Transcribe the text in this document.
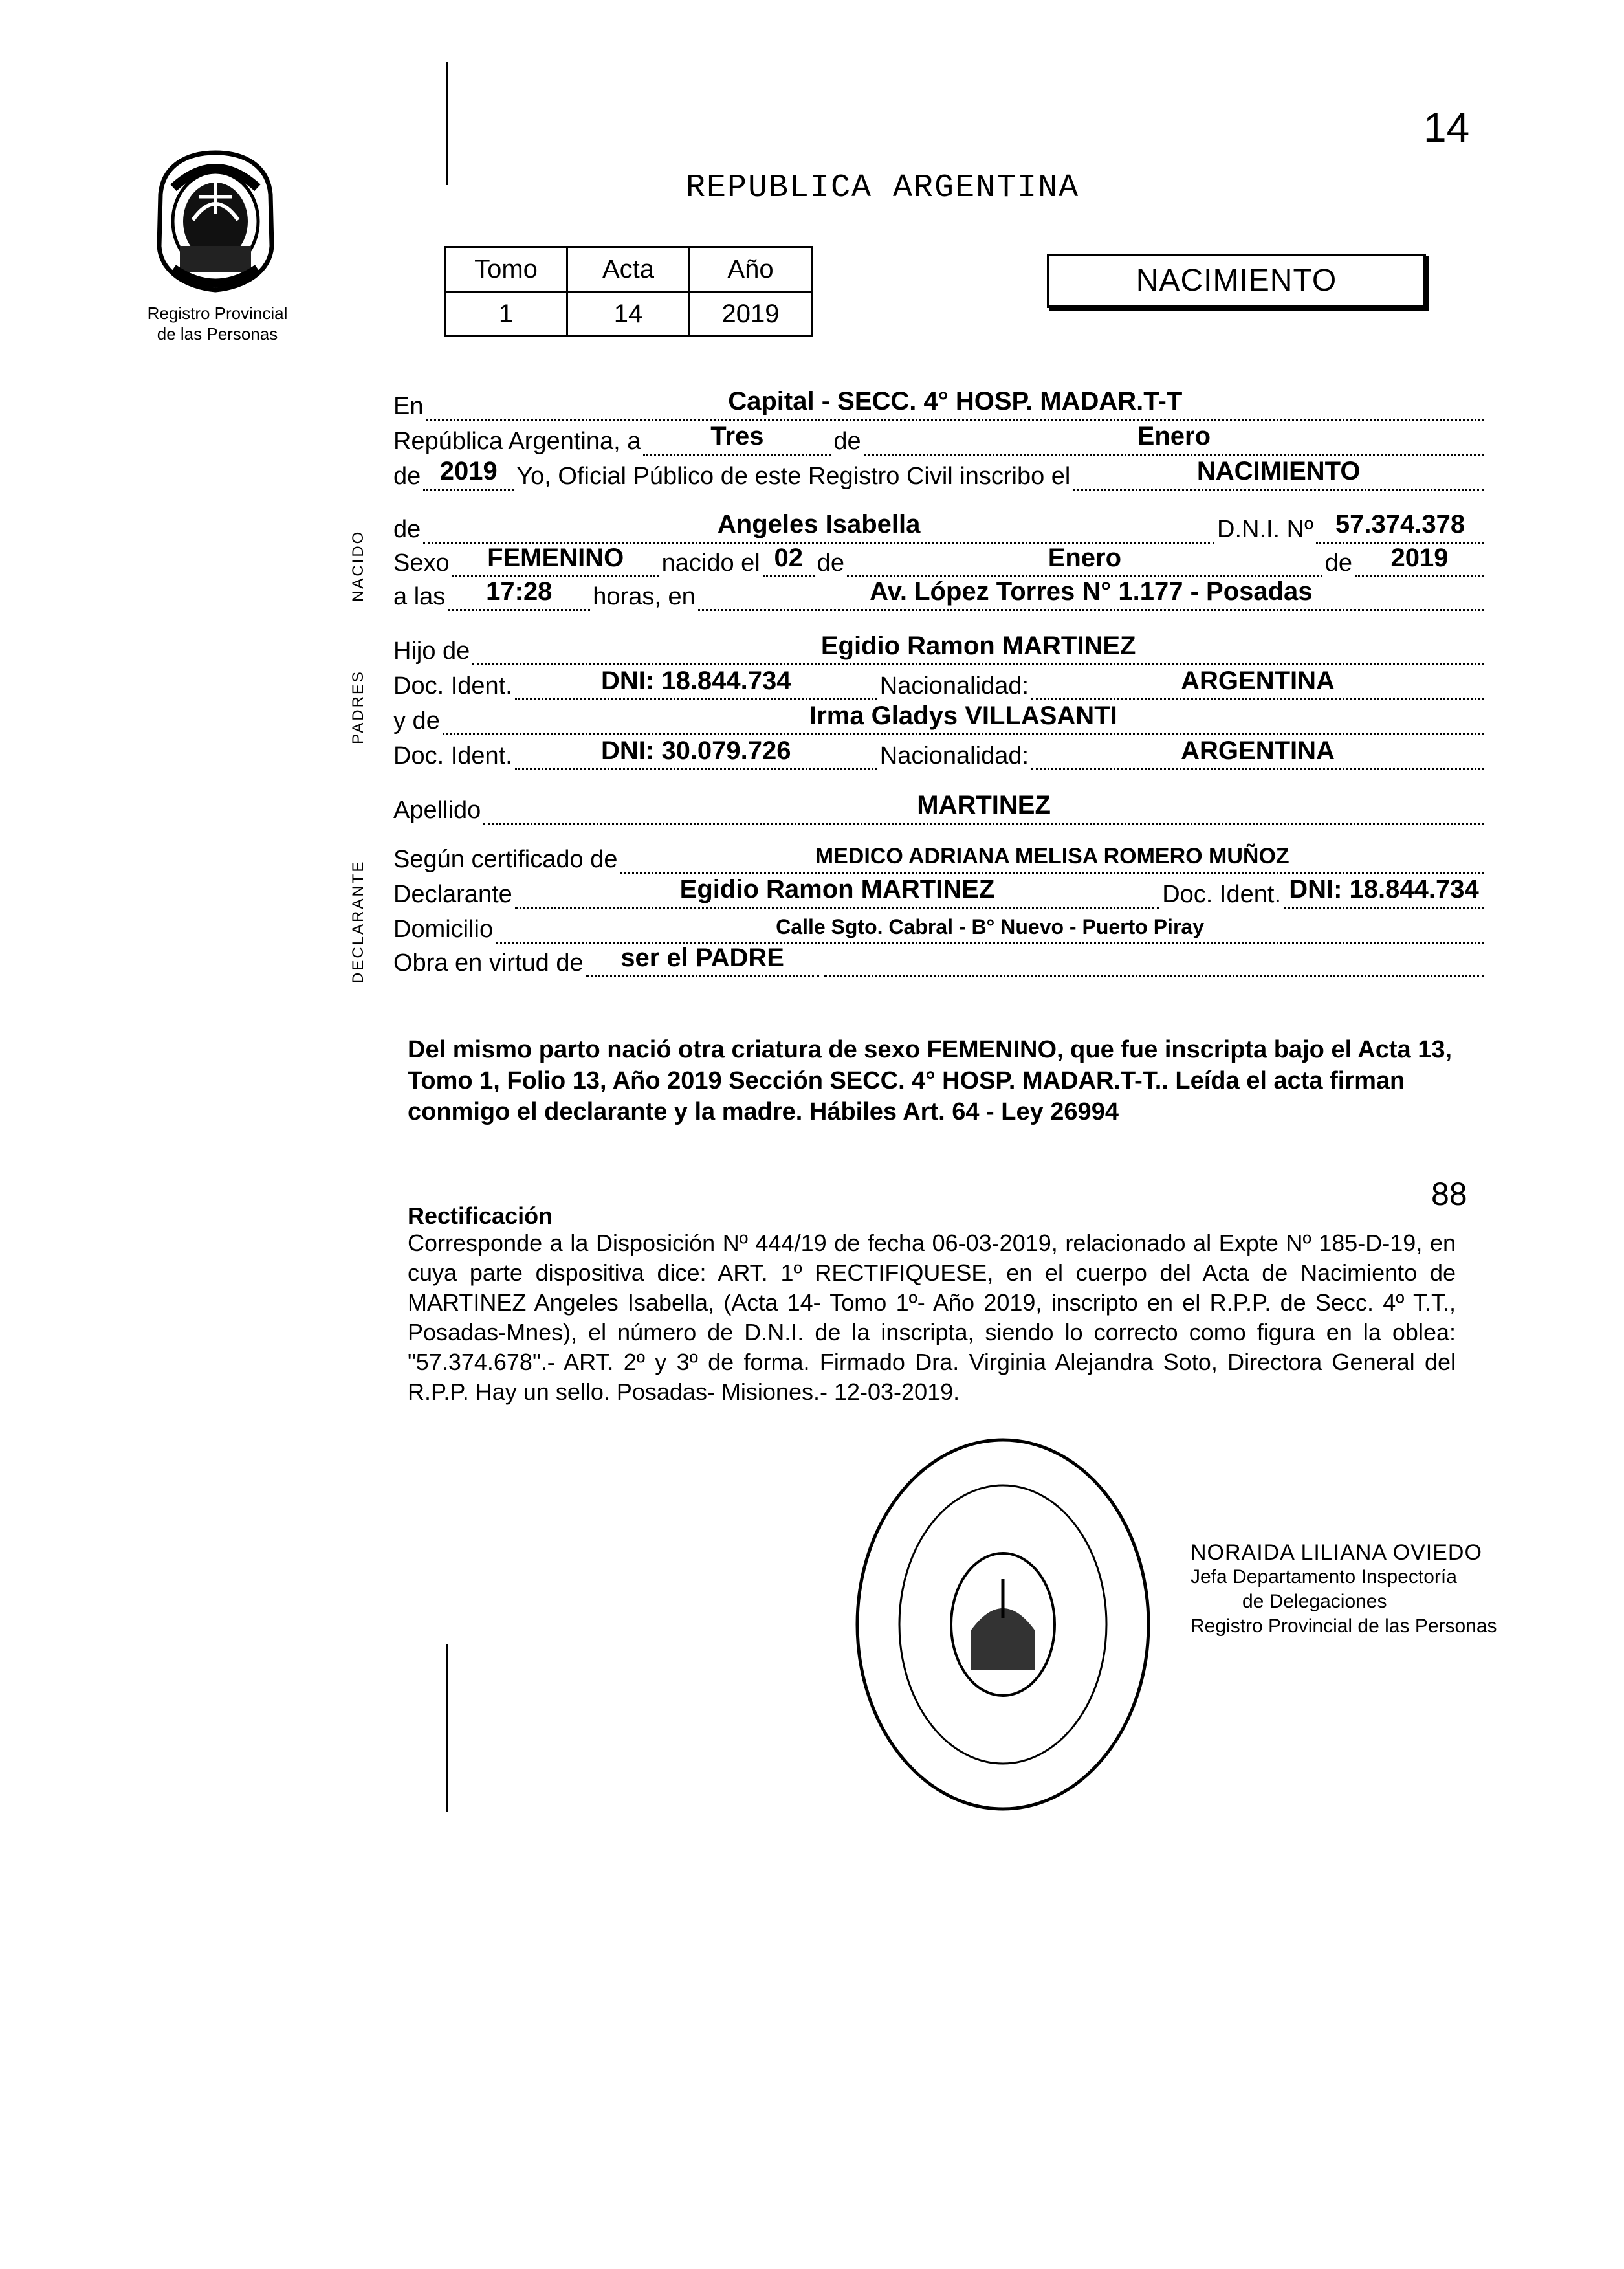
14
REPUBLICA ARGENTINA
Registro Provincial
de las Personas
Tomo	Acta	Año
1	14	2019
NACIMIENTO
NACIDO
PADRES
DECLARANTE
En	Capital - SECC. 4° HOSP. MADAR.T-T
República Argentina, a	Tres	de	Enero
de 2019 Yo, Oficial Público de este Registro Civil inscribo el	NACIMIENTO
de	Angeles Isabella	D.N.I. Nº 57.374.378
Sexo	FEMENINO	nacido el 02 de	Enero	de	2019
a las	17:28	horas, en	Av. López Torres N° 1.177 - Posadas
Hijo de	Egidio Ramon MARTINEZ
Doc. Ident.	DNI: 18.844.734	Nacionalidad:	ARGENTINA
y de	Irma Gladys VILLASANTI
Doc. Ident.	DNI: 30.079.726	Nacionalidad:	ARGENTINA
Apellido	MARTINEZ
Según certificado de	MEDICO ADRIANA MELISA ROMERO MUÑOZ
Declarante	Egidio Ramon MARTINEZ	Doc. Ident. DNI: 18.844.734
Domicilio	Calle Sgto. Cabral - B° Nuevo - Puerto Piray
Obra en virtud de	ser el PADRE
Del mismo parto nació otra criatura de sexo FEMENINO, que fue inscripta bajo el Acta 13, Tomo 1, Folio 13, Año 2019 Sección SECC. 4° HOSP. MADAR.T-T.. Leída el acta firman conmigo el declarante y la madre. Hábiles Art. 64 - Ley 26994
88
Rectificación
Corresponde a la Disposición Nº 444/19 de fecha 06-03-2019, relacionado al Expte Nº 185-D-19, en cuya parte dispositiva dice: ART. 1º RECTIFIQUESE, en el cuerpo del Acta de Nacimiento de MARTINEZ Angeles Isabella, (Acta 14- Tomo 1º- Año 2019, inscripto en el R.P.P. de Secc. 4º T.T., Posadas-Mnes), el número de D.N.I. de la inscripta, siendo lo correcto como figura en la oblea: "57.374.678".- ART. 2º y 3º de forma. Firmado Dra. Virginia Alejandra Soto, Directora General del R.P.P. Hay un sello. Posadas- Misiones.- 12-03-2019.
NORAIDA LILIANA OVIEDO
Jefa Departamento Inspectoría
de Delegaciones
Registro Provincial de las Personas
